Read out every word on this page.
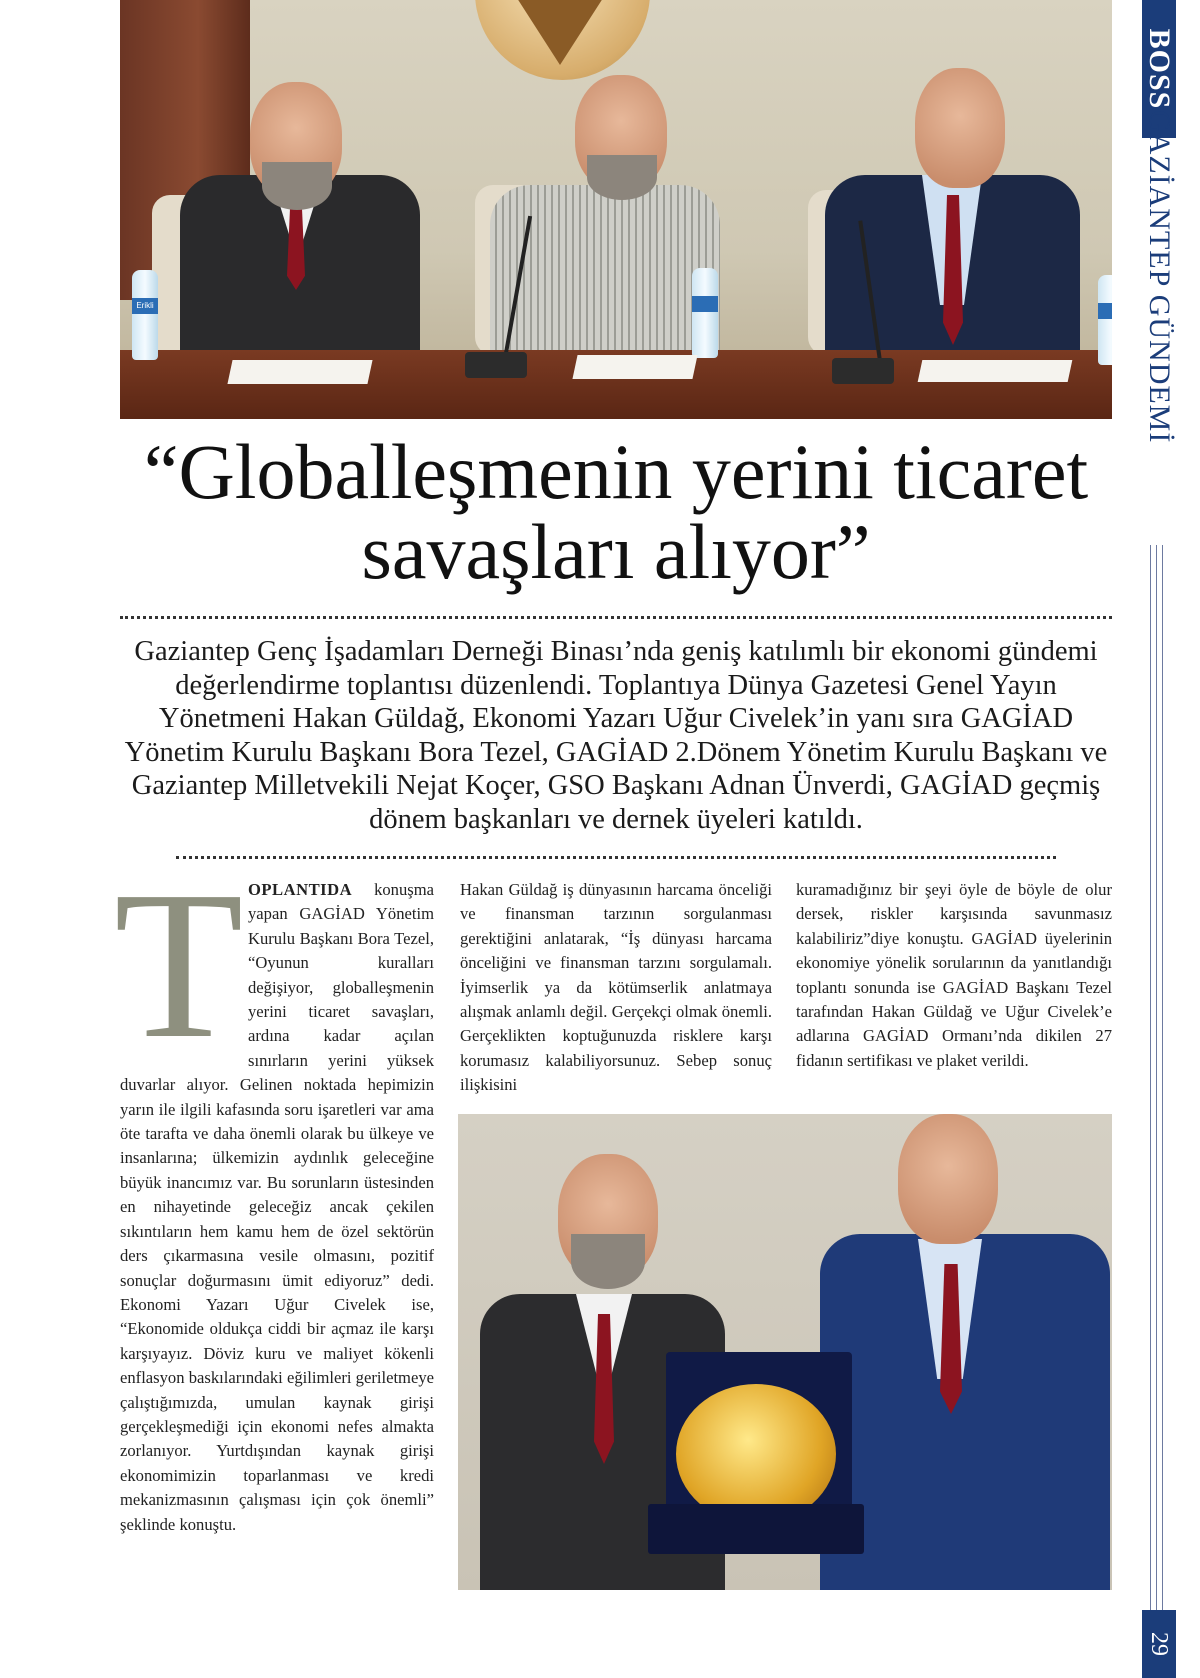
Erikli
BOSS
GAZİANTEP GÜNDEMİ
29
“Globalleşmenin yerini ticaret savaşları alıyor”

Gaziantep Genç İşadamları Derneği Binası’nda geniş katılımlı bir ekonomi gündemi değerlendirme toplantısı düzenlendi. Toplantıya Dünya Gazetesi Genel Yayın Yönetmeni Hakan Güldağ, Ekonomi Yazarı Uğur Civelek’in yanı sıra GAGİAD Yönetim Kurulu Başkanı Bora Tezel, GAGİAD 2.Dönem Yönetim Kurulu Başkanı ve Gaziantep Milletvekili Nejat Koçer, GSO Başkanı Adnan Ünverdi, GAGİAD geçmiş dönem başkanları ve dernek üyeleri katıldı.

TOPLANTIDA konuşma yapan GAGİAD Yönetim Kurulu Başkanı Bora Tezel, “Oyunun kuralları değişiyor, globalleşmenin yerini ticaret savaşları, ardına kadar açılan sınırların yerini yüksek duvarlar alıyor. Gelinen noktada hepimizin yarın ile ilgili kafasında soru işaretleri var ama öte tarafta ve daha önemli olarak bu ülkeye ve insanlarına; ülkemizin aydınlık geleceğine büyük inancımız var. Bu sorunların üstesinden en nihayetinde geleceğiz ancak çekilen sıkıntıların hem kamu hem de özel sektörün ders çıkarmasına vesile olmasını, pozitif sonuçlar doğurmasını ümit ediyoruz” dedi. Ekonomi Yazarı Uğur Civelek ise, “Ekonomide oldukça ciddi bir açmaz ile karşı karşıyayız. Döviz kuru ve maliyet kökenli enflasyon baskılarındaki eğilimleri geriletmeye çalıştığımızda, umulan kaynak girişi gerçekleşmediği için ekonomi nefes almakta zorlanıyor. Yurtdışından kaynak girişi ekonomimizin toparlanması ve kredi mekanizmasının çalışması için çok önemli” şeklinde konuştu.

Hakan Güldağ iş dünyasının harcama önceliği ve finansman tarzının sorgulanması gerektiğini anlatarak, “İş dünyası harcama önceliğini ve finansman tarzını sorgulamalı. İyimserlik ya da kötümserlik anlatmaya alışmak anlamlı değil. Gerçekçi olmak önemli. Gerçeklikten koptuğunuzda risklere karşı korumasız kalabiliyorsunuz. Sebep sonuç ilişkisini

kuramadığınız bir şeyi öyle de böyle de olur dersek, riskler karşısında savunmasız kalabiliriz”diye konuştu. GAGİAD üyelerinin ekonomiye yönelik sorularının da yanıtlandığı toplantı sonunda ise GAGİAD Başkanı Tezel tarafından Hakan Güldağ ve Uğur Civelek’e adlarına GAGİAD Ormanı’nda dikilen 27 fidanın sertifikası ve plaket verildi.
